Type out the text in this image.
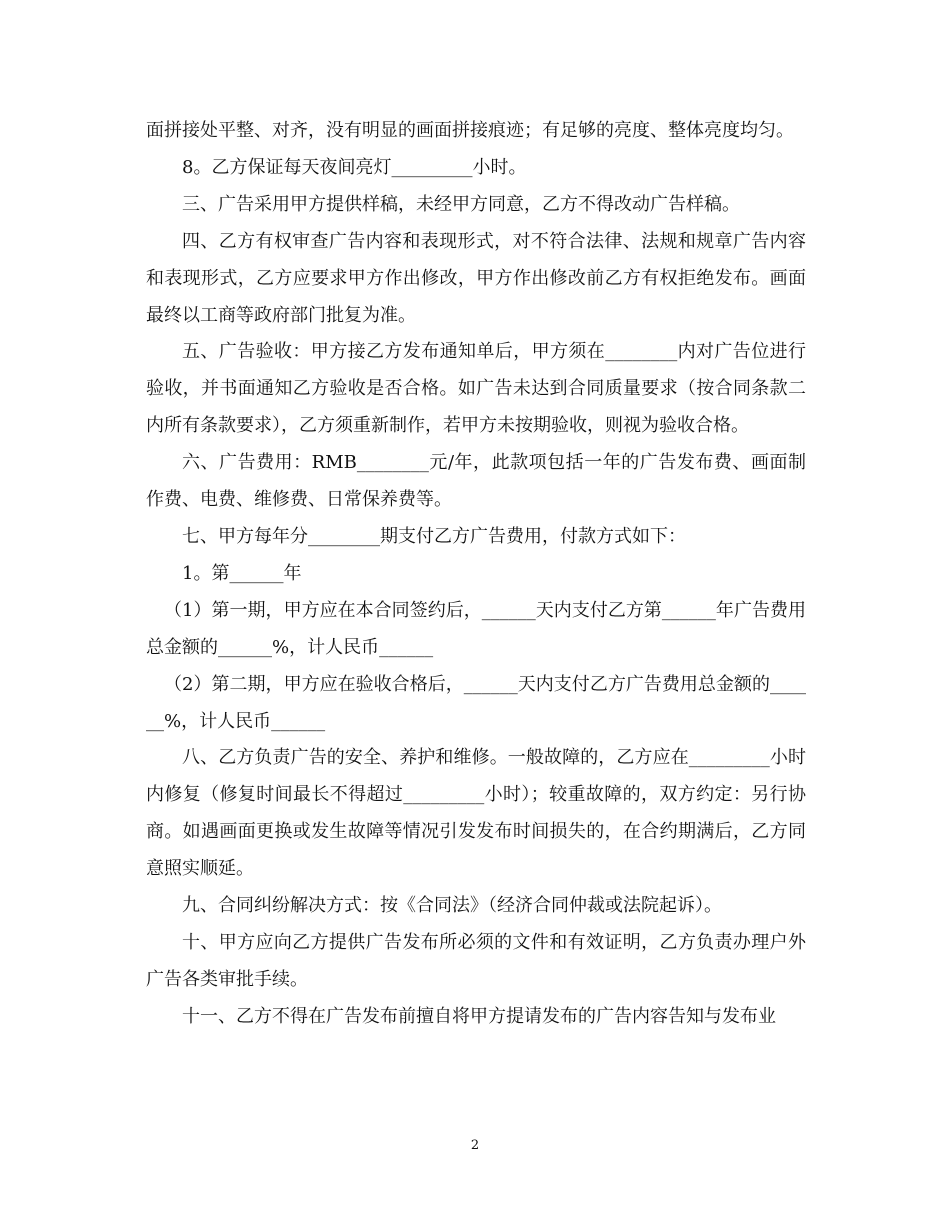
面拼接处平整、对齐，没有明显的画面拼接痕迹；有足够的亮度、整体亮度均匀。

8。乙方保证每天夜间亮灯_________小时。

三、广告采用甲方提供样稿，未经甲方同意，乙方不得改动广告样稿。

四、乙方有权审查广告内容和表现形式，对不符合法律、法规和规章广告内容和表现形式，乙方应要求甲方作出修改，甲方作出修改前乙方有权拒绝发布。画面最终以工商等政府部门批复为准。

五、广告验收：甲方接乙方发布通知单后，甲方须在________内对广告位进行验收，并书面通知乙方验收是否合格。如广告未达到合同质量要求（按合同条款二内所有条款要求），乙方须重新制作，若甲方未按期验收，则视为验收合格。

六、广告费用：RMB________元/年，此款项包括一年的广告发布费、画面制作费、电费、维修费、日常保养费等。

七、甲方每年分________期支付乙方广告费用，付款方式如下：

1。第______年

（1）第一期，甲方应在本合同签约后，______天内支付乙方第______年广告费用总金额的______%，计人民币______

（2）第二期，甲方应在验收合格后，______天内支付乙方广告费用总金额的______%，计人民币______

八、乙方负责广告的安全、养护和维修。一般故障的，乙方应在_________小时内修复（修复时间最长不得超过_________小时）；较重故障的，双方约定：另行协商。如遇画面更换或发生故障等情况引发发布时间损失的，在合约期满后，乙方同意照实顺延。

九、合同纠纷解决方式：按《合同法》（经济合同仲裁或法院起诉）。

十、甲方应向乙方提供广告发布所必须的文件和有效证明，乙方负责办理户外广告各类审批手续。

十一、乙方不得在广告发布前擅自将甲方提请发布的广告内容告知与发布业

2
